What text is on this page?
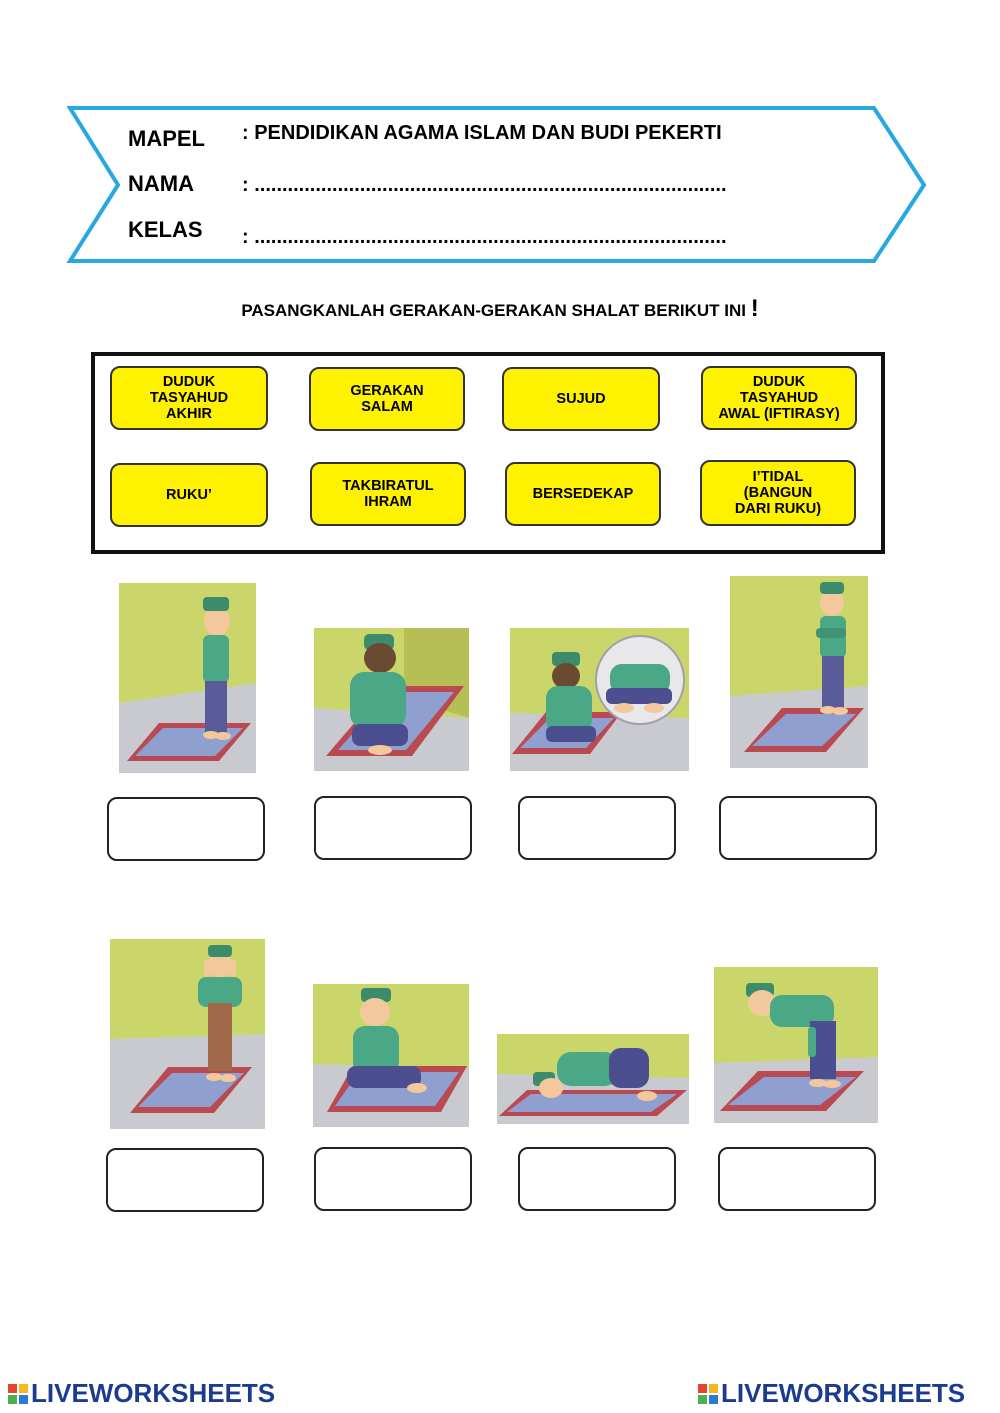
MAPEL : PENDIDIKAN AGAMA ISLAM DAN BUDI PEKERTI
NAMA : .....................................................................................
KELAS : .....................................................................................
PASANGKANLAH GERAKAN-GERAKAN SHALAT BERIKUT INI !
DUDUK
TASYAHUD
AKHIR
GERAKAN
SALAM	SUJUD
DUDUK
TASYAHUD
AWAL (IFTIRASY)
RUKU’
TAKBIRATUL
IHRAM	BERSEDEKAP
I’TIDAL
(BANGUN
DARI RUKU)
LIVEWORKSHEETS	LIVEWORKSHEETS
